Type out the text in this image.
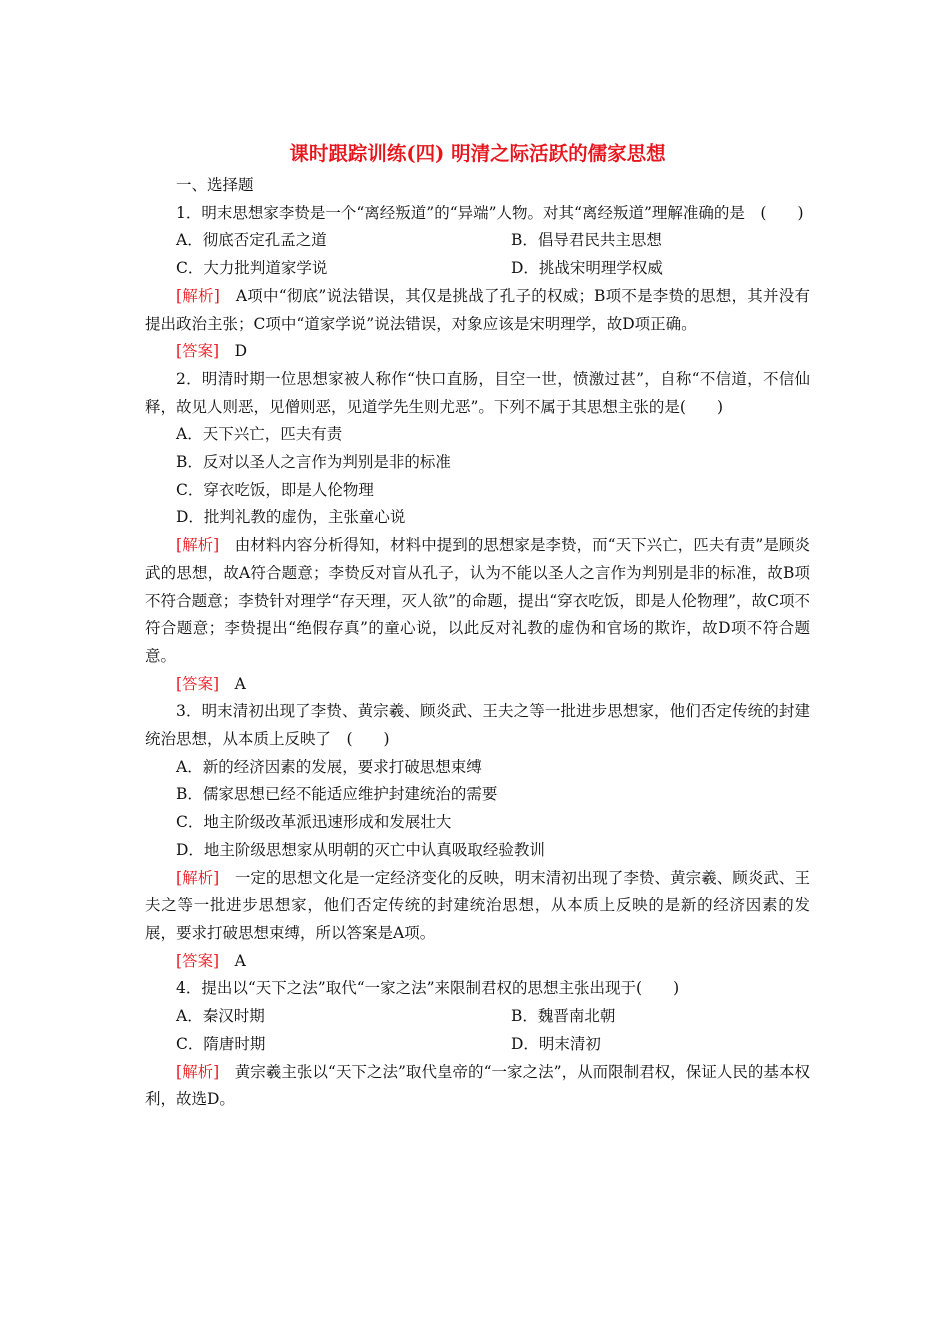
课时跟踪训练(四) 明清之际活跃的儒家思想

一、选择题

1．明末思想家李贽是一个“离经叛道”的“异端”人物。对其“离经叛道”理解准确的是　(　　)

A．彻底否定孔孟之道	B．倡导君民共主思想
C．大力批判道家学说	D．挑战宋明理学权威

[解析]　 A项中“彻底”说法错误，其仅是挑战了孔子的权威；B项不是李贽的思想，其并没有提出政治主张；C项中“道家学说”说法错误，对象应该是宋明理学，故D项正确。

[答案]　 D

2．明清时期一位思想家被人称作“快口直肠，目空一世，愤激过甚”，自称“不信道，不信仙释，故见人则恶，见僧则恶，见道学先生则尤恶”。下列不属于其思想主张的是(　　)

A．天下兴亡，匹夫有责

B．反对以圣人之言作为判别是非的标准

C．穿衣吃饭，即是人伦物理

D．批判礼教的虚伪，主张童心说

[解析]　 由材料内容分析得知，材料中提到的思想家是李贽，而“天下兴亡，匹夫有责”是顾炎武的思想，故A符合题意；李贽反对盲从孔子，认为不能以圣人之言作为判别是非的标准，故B项不符合题意；李贽针对理学“存天理，灭人欲”的命题，提出“穿衣吃饭，即是人伦物理”，故C项不符合题意；李贽提出“绝假存真”的童心说，以此反对礼教的虚伪和官场的欺诈，故D项不符合题意。

[答案]　 A

3．明末清初出现了李贽、黄宗羲、顾炎武、王夫之等一批进步思想家，他们否定传统的封建统治思想，从本质上反映了　(　　)

A．新的经济因素的发展，要求打破思想束缚

B．儒家思想已经不能适应维护封建统治的需要

C．地主阶级改革派迅速形成和发展壮大

D．地主阶级思想家从明朝的灭亡中认真吸取经验教训

[解析]　 一定的思想文化是一定经济变化的反映，明末清初出现了李贽、黄宗羲、顾炎武、王夫之等一批进步思想家，他们否定传统的封建统治思想，从本质上反映的是新的经济因素的发展，要求打破思想束缚，所以答案是A项。

[答案]　 A

4．提出以“天下之法”取代“一家之法”来限制君权的思想主张出现于(　　)

A．秦汉时期	B．魏晋南北朝
C．隋唐时期	D．明末清初

[解析]　 黄宗羲主张以“天下之法”取代皇帝的“一家之法”，从而限制君权，保证人民的基本权利，故选D。
